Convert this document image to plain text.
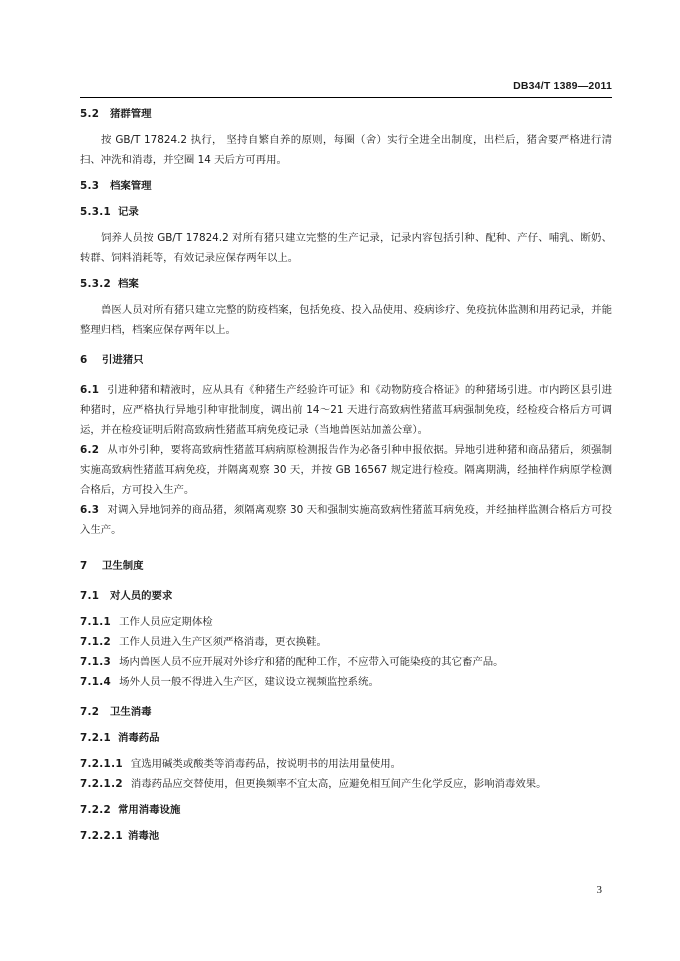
DB34/T 1389—2011
5.2 猪群管理

按 GB/T 17824.2 执行， 坚持自繁自养的原则，每圈（舍）实行全进全出制度，出栏后，猪舍要严格进行清扫、冲洗和消毒，并空圈 14 天后方可再用。

5.3 档案管理
5.3.1 记录

饲养人员按 GB/T 17824.2 对所有猪只建立完整的生产记录，记录内容包括引种、配种、产仔、哺乳、断奶、转群、饲料消耗等，有效记录应保存两年以上。

5.3.2 档案

兽医人员对所有猪只建立完整的防疫档案，包括免疫、投入品使用、疫病诊疗、免疫抗体监测和用药记录，并能整理归档，档案应保存两年以上。

6 引进猪只

6.1 引进种猪和精液时，应从具有《种猪生产经验许可证》和《动物防疫合格证》的种猪场引进。市内跨区县引进种猪时，应严格执行异地引种审批制度，调出前 14～21 天进行高致病性猪蓝耳病强制免疫，经检疫合格后方可调运，并在检疫证明后附高致病性猪蓝耳病免疫记录（当地兽医站加盖公章）。

6.2 从市外引种，要将高致病性猪蓝耳病病原检测报告作为必备引种申报依据。异地引进种猪和商品猪后，须强制实施高致病性猪蓝耳病免疫，并隔离观察 30 天，并按 GB 16567 规定进行检疫。隔离期满，经抽样作病原学检测合格后，方可投入生产。

6.3 对调入异地饲养的商品猪，须隔离观察 30 天和强制实施高致病性猪蓝耳病免疫，并经抽样监测合格后方可投入生产。

7 卫生制度
7.1 对人员的要求

7.1.1 工作人员应定期体检

7.1.2 工作人员进入生产区须严格消毒，更衣换鞋。

7.1.3 场内兽医人员不应开展对外诊疗和猪的配种工作，不应带入可能染疫的其它畜产品。

7.1.4 场外人员一般不得进入生产区，建议设立视频监控系统。

7.2 卫生消毒
7.2.1 消毒药品

7.2.1.1 宜选用碱类或酸类等消毒药品，按说明书的用法用量使用。

7.2.1.2 消毒药品应交替使用，但更换频率不宜太高，应避免相互间产生化学反应，影响消毒效果。

7.2.2 常用消毒设施
7.2.2.1 消毒池
3
